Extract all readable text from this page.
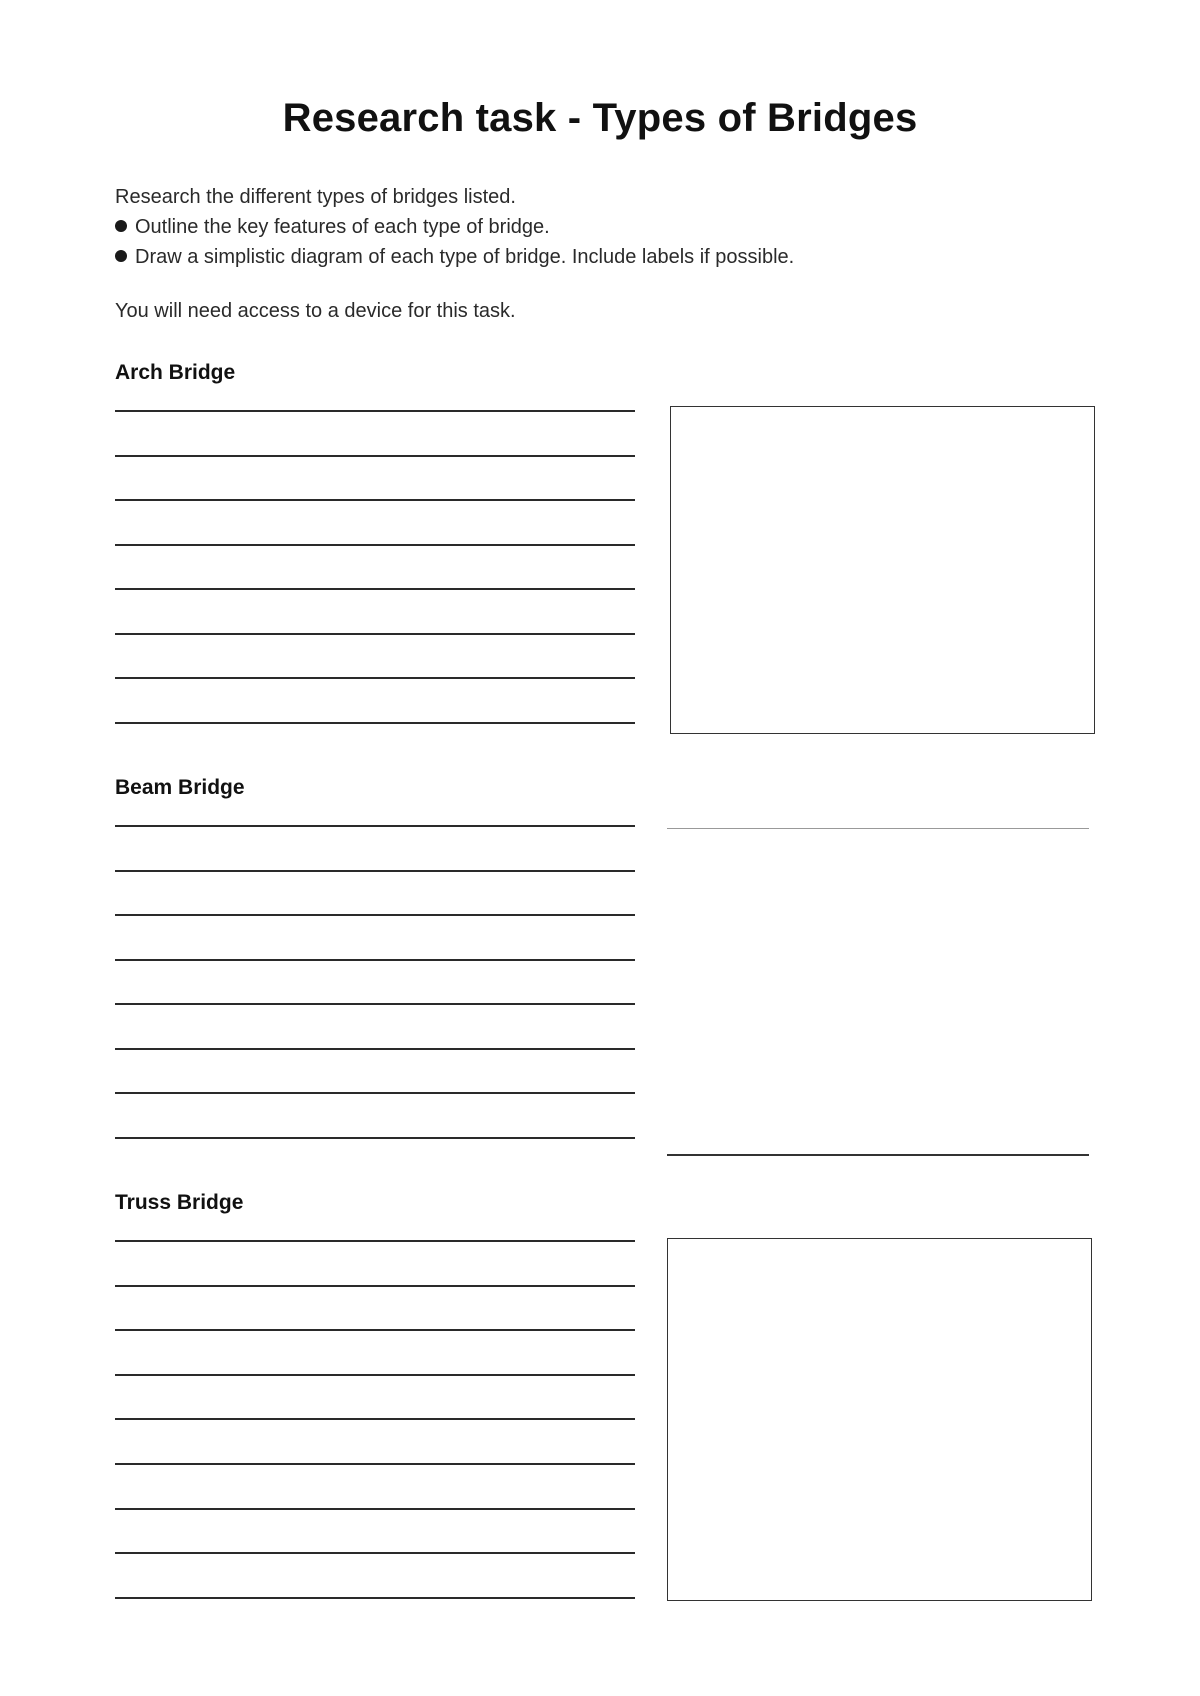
Research task - Types of Bridges
Research the different types of bridges listed.
Outline the key features of each type of bridge.
Draw a simplistic diagram of each type of bridge. Include labels if possible.
You will need access to a device for this task.
Arch Bridge
Beam Bridge
Truss Bridge
